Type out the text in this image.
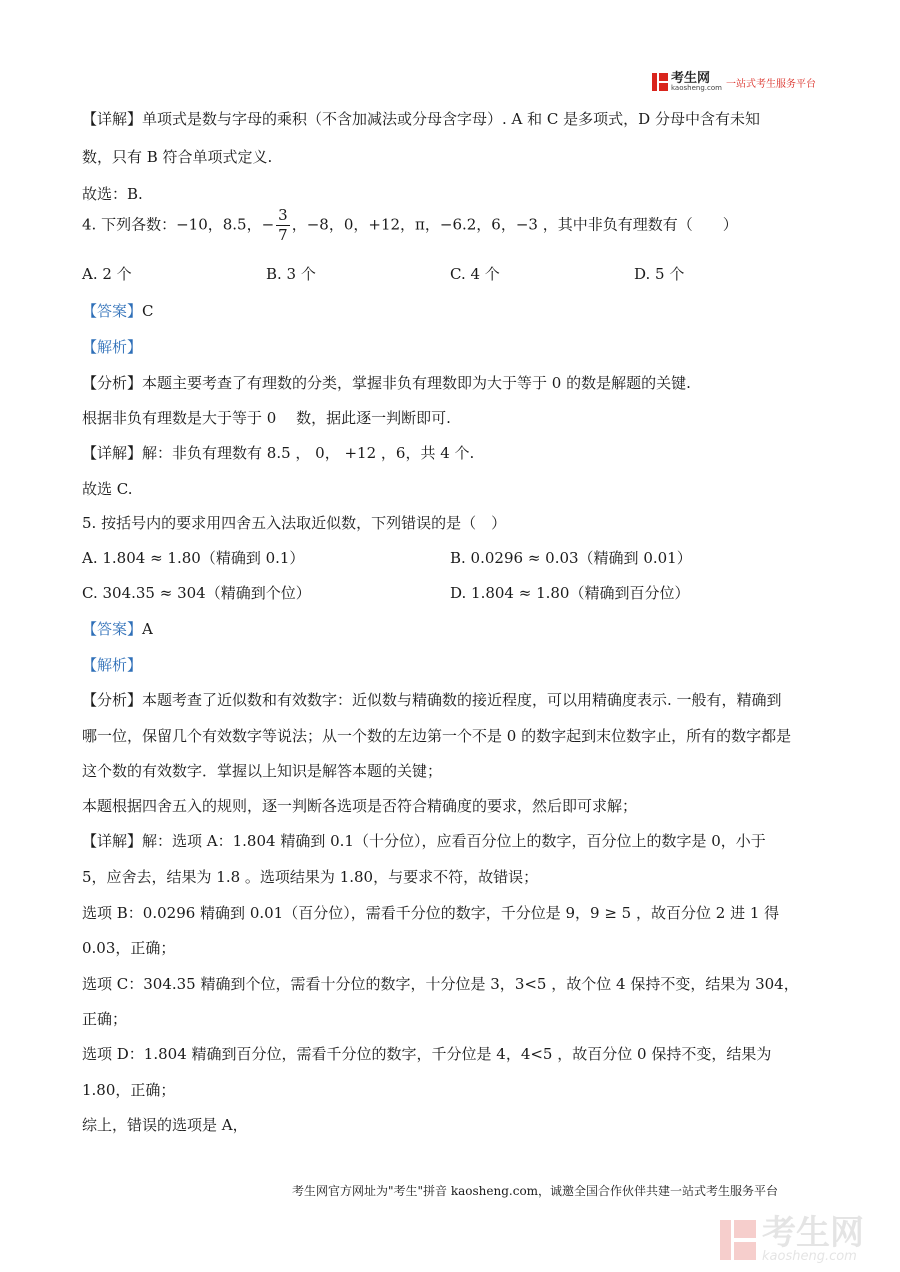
考生网
kaosheng.com 一站式考生服务平台
【详解】单项式是数与字母的乘积（不含加减法或分母含字母）. A 和 C 是多项式，D 分母中含有未知
数，只有 B 符合单项式定义.
故选：B.
4. 下列各数：−10，8.5，− $\frac{3}{7}$ ，−8，0，+12，π，−6.2，6，−3 ，其中非负有理数有（　　）
A. 2 个	B. 3 个	C. 4 个	D. 5 个
【答案】C
【解析】
【分析】本题主要考查了有理数的分类，掌握非负有理数即为大于等于 0 的数是解题的关键.
根据非负有理数是大于等于 0　 数，据此逐一判断即可.
【详解】解：非负有理数有 8.5 ， 0， +12 ，6，共 4 个.
故选 C.
5. 按括号内的要求用四舍五入法取近似数，下列错误的是（　）
A. 1.804 ≈ 1.80（精确到 0.1）	B. 0.0296 ≈ 0.03（精确到 0.01）
C. 304.35 ≈ 304（精确到个位）	D. 1.804 ≈ 1.80（精确到百分位）
【答案】A
【解析】
【分析】本题考查了近似数和有效数字：近似数与精确数的接近程度，可以用精确度表示. 一般有，精确到
哪一位，保留几个有效数字等说法；从一个数的左边第一个不是 0 的数字起到末位数字止，所有的数字都是
这个数的有效数字．掌握以上知识是解答本题的关键；
本题根据四舍五入的规则，逐一判断各选项是否符合精确度的要求，然后即可求解；
【详解】解：选项 A：1.804 精确到 0.1（十分位），应看百分位上的数字，百分位上的数字是 0，小于
5，应舍去，结果为 1.8 。选项结果为 1.80，与要求不符，故错误；
选项 B：0.0296 精确到 0.01（百分位），需看千分位的数字，千分位是 9，9 ≥ 5 ，故百分位 2 进 1 得
0.03，正确；
选项 C：304.35 精确到个位，需看十分位的数字，十分位是 3，3<5 ，故个位 4 保持不变，结果为 304，
正确；
选项 D：1.804 精确到百分位，需看千分位的数字，千分位是 4，4<5 ，故百分位 0 保持不变，结果为
1.80，正确；
综上，错误的选项是 A，
考生网官方网址为"考生"拼音 kaosheng.com，诚邀全国合作伙伴共建一站式考生服务平台
考生网
kaosheng.com
